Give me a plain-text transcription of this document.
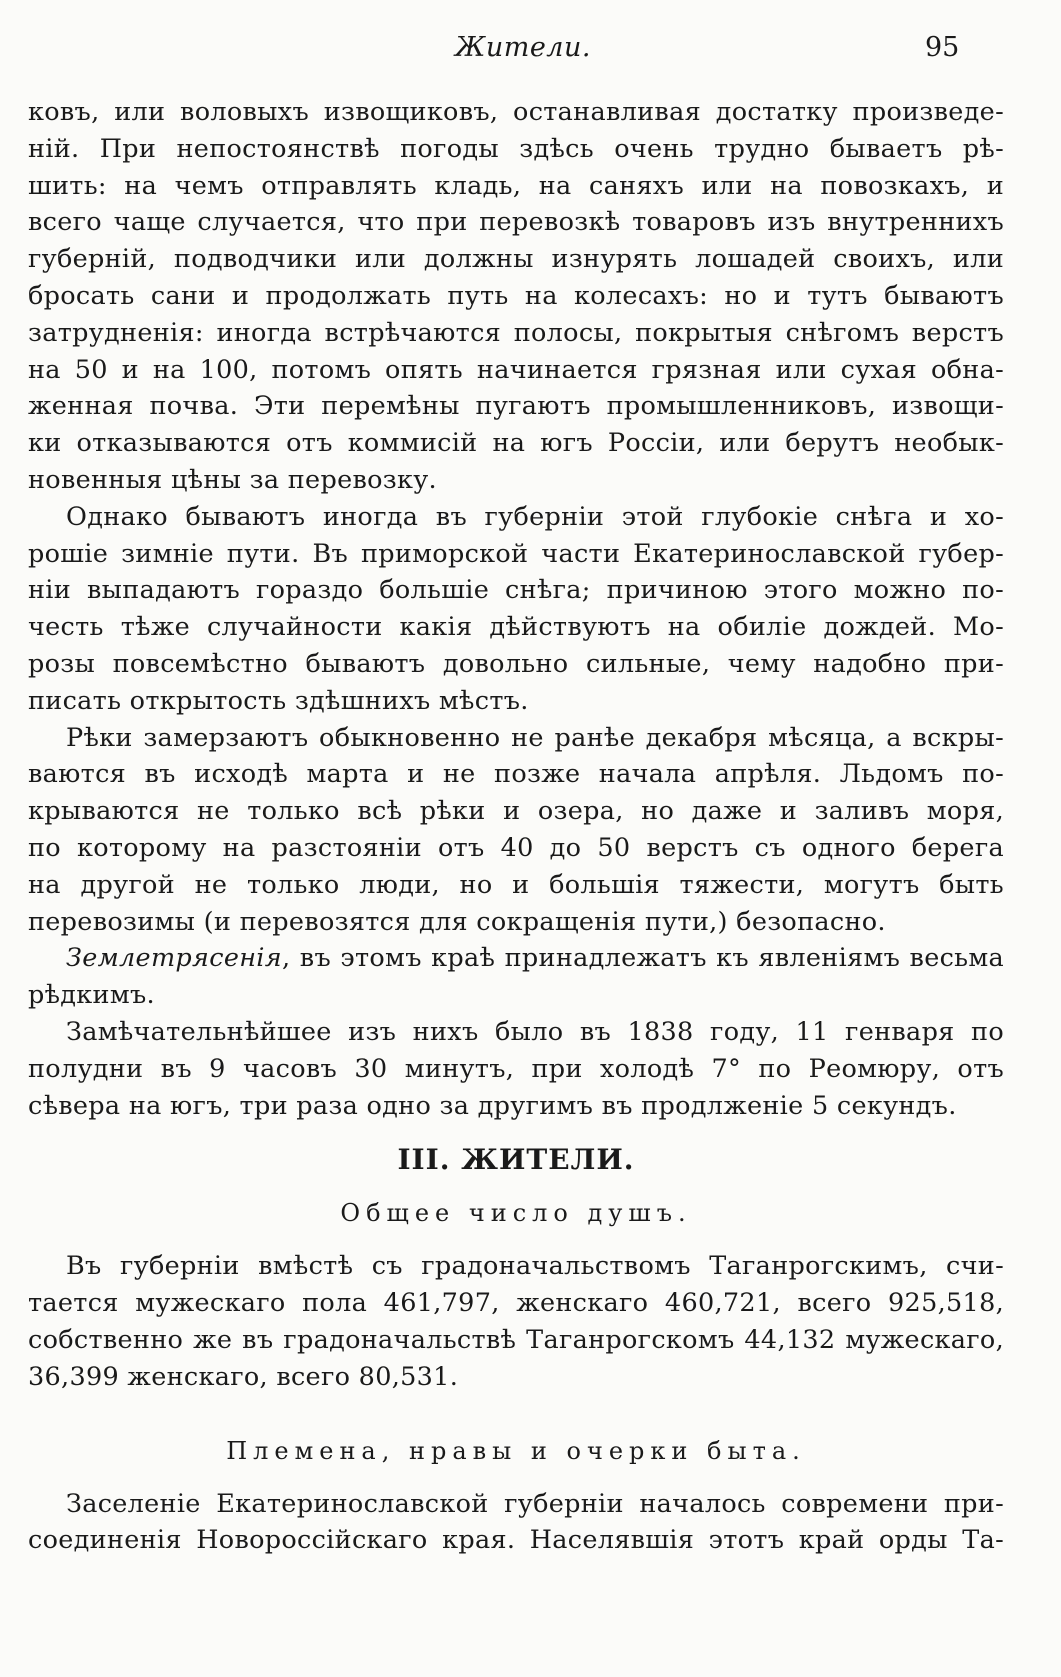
Жители.	95
ковъ, или воловыхъ извощиковъ, останавливая достатку произведе-
ній. При непостоянствѣ погоды здѣсь очень трудно бываетъ рѣ-
шить: на чемъ отправлять кладь, на саняхъ или на повозкахъ, и
всего чаще случается, что при перевозкѣ товаровъ изъ внутреннихъ
губерній, подводчики или должны изнурять лошадей своихъ, или
бросать сани и продолжать путь на колесахъ: но и тутъ бываютъ
затрудненія: иногда встрѣчаются полосы, покрытыя снѣгомъ верстъ
на 50 и на 100, потомъ опять начинается грязная или сухая обна-
женная почва. Эти перемѣны пугаютъ промышленниковъ, извощи-
ки отказываются отъ коммисій на югъ Россіи, или берутъ необык-
новенныя цѣны за перевозку.
Однако бываютъ иногда въ губерніи этой глубокіе снѣга и хо-
рошіе зимніе пути. Въ приморской части Екатеринославской губер-
ніи выпадаютъ гораздо большіе снѣга; причиною этого можно по-
честь тѣже случайности какія дѣйствуютъ на обиліе дождей. Мо-
розы повсемѣстно бываютъ довольно сильные, чему надобно при-
писать открытость здѣшнихъ мѣстъ.
Рѣки замерзаютъ обыкновенно не ранѣе декабря мѣсяца, а вскры-
ваются въ исходѣ марта и не позже начала апрѣля. Льдомъ по-
крываются не только всѣ рѣки и озера, но даже и заливъ моря,
по которому на разстояніи отъ 40 до 50 верстъ съ одного берега
на другой не только люди, но и большія тяжести, могутъ быть
перевозимы (и перевозятся для сокращенія пути,) безопасно.
Землетрясенія, въ этомъ краѣ принадлежатъ къ явленіямъ весьма
рѣдкимъ.
Замѣчательнѣйшее изъ нихъ было въ 1838 году, 11 генваря по
полудни въ 9 часовъ 30 минутъ, при холодѣ 7° по Реомюру, отъ
сѣвера на югъ, три раза одно за другимъ въ продлженіе 5 секундъ.
III. ЖИТЕЛИ.
Общее число душъ.
Въ губерніи вмѣстѣ съ градоначальствомъ Таганрогскимъ, счи-
тается мужескаго пола 461,797, женскаго 460,721, всего 925,518,
собственно же въ градоначальствѣ Таганрогскомъ 44,132 мужескаго,
36,399 женскаго, всего 80,531.
Племена, нравы и очерки быта.
Заселеніе Екатеринославской губерніи началось современи при-
соединенія Новороссійскаго края. Населявшія этотъ край орды Та-
